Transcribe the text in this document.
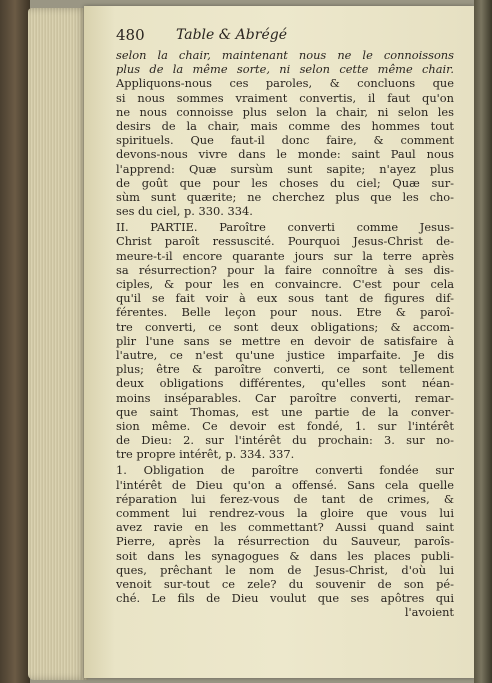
480 Table & Abrégé
selon la chair, maintenant nous ne le connoissons
plus de la même sorte, ni selon cette même chair.
Appliquons-nous ces paroles, & concluons que
si nous sommes vraiment convertis, il faut qu'on
ne nous connoisse plus selon la chair, ni selon les
desirs de la chair, mais comme des hommes tout
spirituels. Que faut-il donc faire, & comment
devons-nous vivre dans le monde: saint Paul nous
l'apprend: Quæ sursùm sunt sapite; n'ayez plus
de goût que pour les choses du ciel; Quæ sur-
sùm sunt quærite; ne cherchez plus que les cho-
ses du ciel, p. 330. 334.
II. PARTIE. Paroître converti comme Jesus-
Christ paroît ressuscité. Pourquoi Jesus-Christ de-
meure-t-il encore quarante jours sur la terre après
sa résurrection? pour la faire connoître à ses dis-
ciples, & pour les en convaincre. C'est pour cela
qu'il se fait voir à eux sous tant de figures dif-
férentes. Belle leçon pour nous. Etre & paroî-
tre converti, ce sont deux obligations; & accom-
plir l'une sans se mettre en devoir de satisfaire à
l'autre, ce n'est qu'une justice imparfaite. Je dis
plus; être & paroître converti, ce sont tellement
deux obligations différentes, qu'elles sont néan-
moins inséparables. Car paroître converti, remar-
que saint Thomas, est une partie de la conver-
sion même. Ce devoir est fondé, 1. sur l'intérêt
de Dieu: 2. sur l'intérêt du prochain: 3. sur no-
tre propre intérêt, p. 334. 337.
1. Obligation de paroître converti fondée sur
l'intérêt de Dieu qu'on a offensé. Sans cela quelle
réparation lui ferez-vous de tant de crimes, &
comment lui rendrez-vous la gloire que vous lui
avez ravie en les commettant? Aussi quand saint
Pierre, après la résurrection du Sauveur, paroîs-
soit dans les synagogues & dans les places publi-
ques, prêchant le nom de Jesus-Christ, d'où lui
venoit sur-tout ce zele? du souvenir de son pé-
ché. Le fils de Dieu voulut que ses apôtres qui
l'avoient
